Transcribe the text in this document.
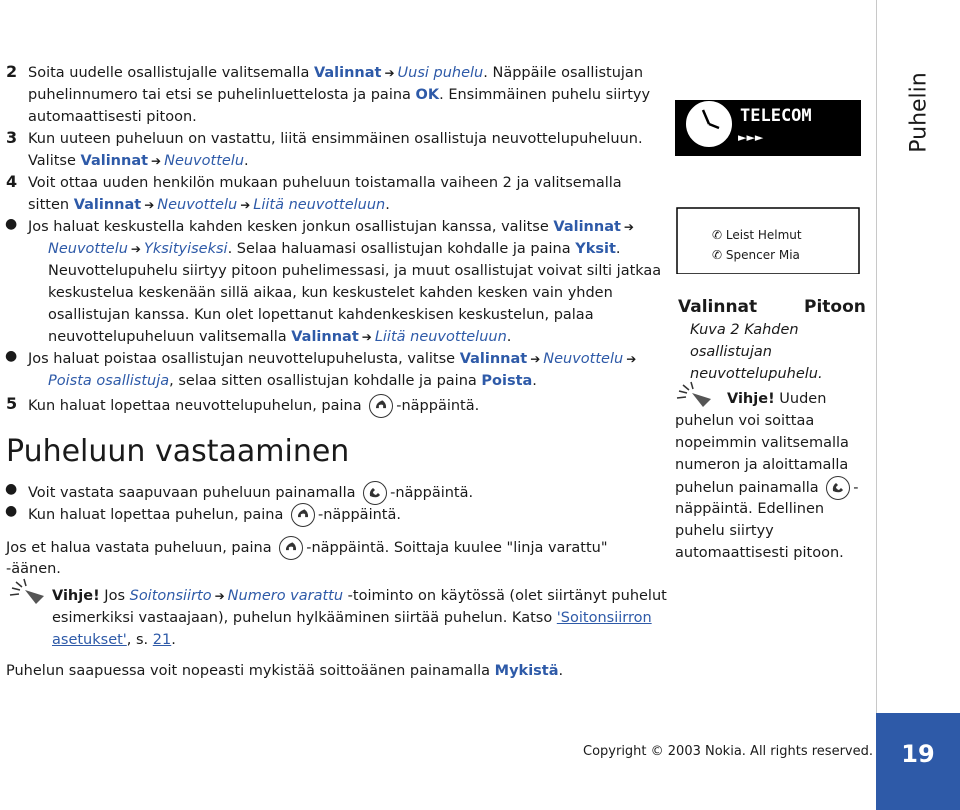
2 Soita uudelle osallistujalle valitsemalla Valinnat ➔ Uusi puhelu. Näppäile osallistujan

puhelinnumero tai etsi se puhelinluettelosta ja paina OK. Ensimmäinen puhelu siirtyy

automaattisesti pitoon.

3 Kun uuteen puheluun on vastattu, liitä ensimmäinen osallistuja neuvottelupuheluun.

Valitse Valinnat ➔ Neuvottelu.

4 Voit ottaa uuden henkilön mukaan puheluun toistamalla vaiheen 2 ja valitsemalla

sitten Valinnat ➔ Neuvottelu ➔ Liitä neuvotteluun.

● Jos haluat keskustella kahden kesken jonkun osallistujan kanssa, valitse Valinnat ➔

Neuvottelu ➔ Yksityiseksi. Selaa haluamasi osallistujan kohdalle ja paina Yksit.

Neuvottelupuhelu siirtyy pitoon puhelimessasi, ja muut osallistujat voivat silti jatkaa

keskustelua keskenään sillä aikaa, kun keskustelet kahden kesken vain yhden

osallistujan kanssa. Kun olet lopettanut kahdenkeskisen keskustelun, palaa

neuvottelupuheluun valitsemalla Valinnat ➔ Liitä neuvotteluun.

● Jos haluat poistaa osallistujan neuvottelupuhelusta, valitse Valinnat ➔ Neuvottelu ➔

Poista osallistuja, selaa sitten osallistujan kohdalle ja paina Poista.

5 Kun haluat lopettaa neuvottelupuhelun, paina
-näppäintä.

Puheluun vastaaminen
● Voit vastata saapuvaan puheluun painamalla
-näppäintä.

● Kun haluat lopettaa puhelun, paina
-näppäintä.

Jos et halua vastata puheluun, paina
-näppäintä. Soittaja kuulee "linja varattu"

-äänen.

Vihje! Jos Soitonsiirto ➔ Numero varattu -toiminto on käytössä (olet siirtänyt puhelut

esimerkiksi vastaajaan), puhelun hylkääminen siirtää puhelun. Katso 'Soitonsiirron

asetukset', s. 21.

Puhelun saapuessa voit nopeasti mykistää soittoäänen painamalla Mykistä.

TELECOM
►►►
✆ Leist Helmut
✆ Spencer Mia
Valinnat	Pitoon
Kuva 2 Kahden
osallistujan
neuvottelupuhelu.
Vihje! Uuden
puhelun voi soittaa
nopeimmin valitsemalla
numeron ja aloittamalla
puhelun painamalla -
näppäintä. Edellinen
puhelu siirtyy
automaattisesti pitoon.
Puhelin
19
Copyright © 2003 Nokia. All rights reserved.
